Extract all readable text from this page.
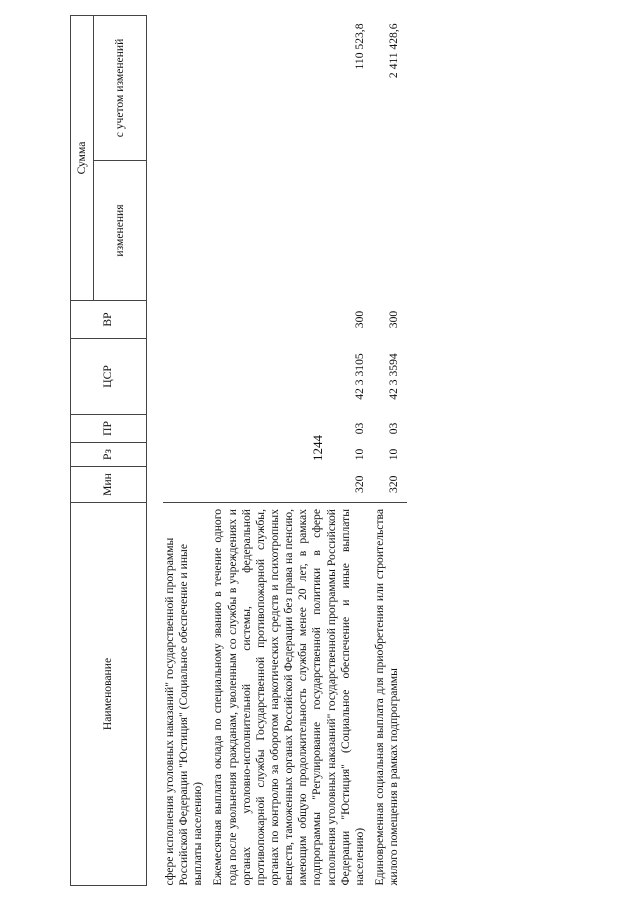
1244
Наименование	Мин	Рз	ПР	ЦСР	ВР	Сумма	
						изменения	с учетом изменений

сфере исполнения уголовных наказаний" государственной программы Российской Федерации "Юстиция" (Социальное обеспечение и иные выплаты населению)							
Ежемесячная выплата оклада по специальному званию в течение одного года после увольнения гражданам, уволенным со службы в учреждениях и органах уголовно-исполнительной системы, федеральной противопожарной службы Государственной противопожарной службы, органах по контролю за оборотом наркотических средств и психотропных веществ, таможенных органах Российской Федерации без права на пенсию, имеющим общую продолжительность службы менее 20 лет, в рамках подпрограммы "Регулирование государственной политики в сфере исполнения уголовных наказаний" государственной программы Российской Федерации "Юстиция" (Социальное обеспечение и иные выплаты населению)	320	10	03	42 3 3105	300		110 523,8
Единовременная социальная выплата для приобретения или строительства жилого помещения в рамках подпрограммы	320	10	03	42 3 3594	300		2 411 428,6
